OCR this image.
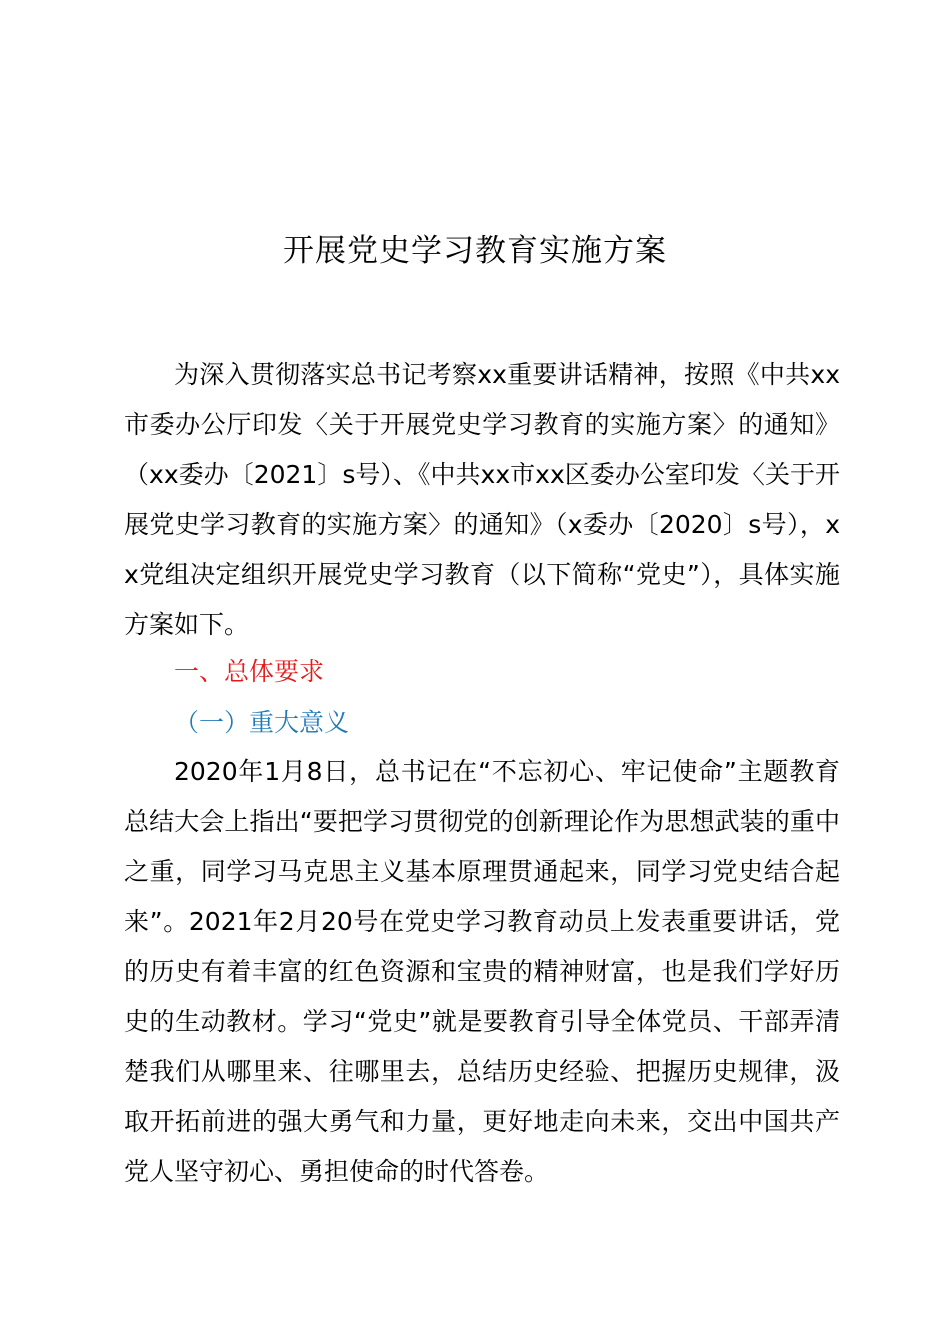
开展党史学习教育实施方案

为深入贯彻落实总书记考察xx重要讲话精神，按照《中共xx市委办公厅印发〈关于开展党史学习教育的实施方案〉的通知》（xx委办〔2021〕s号）、《中共xx市xx区委办公室印发〈关于开展党史学习教育的实施方案〉的通知》（x委办〔2020〕s号），xx党组决定组织开展党史学习教育（以下简称“党史”），具体实施方案如下。

一、总体要求
（一）重大意义

2020年1月8日，总书记在“不忘初心、牢记使命”主题教育总结大会上指出“要把学习贯彻党的创新理论作为思想武装的重中之重，同学习马克思主义基本原理贯通起来，同学习党史结合起来”。2021年2月20号在党史学习教育动员上发表重要讲话，党的历史有着丰富的红色资源和宝贵的精神财富，也是我们学好历史的生动教材。学习“党史”就是要教育引导全体党员、干部弄清楚我们从哪里来、往哪里去，总结历史经验、把握历史规律，汲取开拓前进的强大勇气和力量，更好地走向未来，交出中国共产党人坚守初心、勇担使命的时代答卷。
